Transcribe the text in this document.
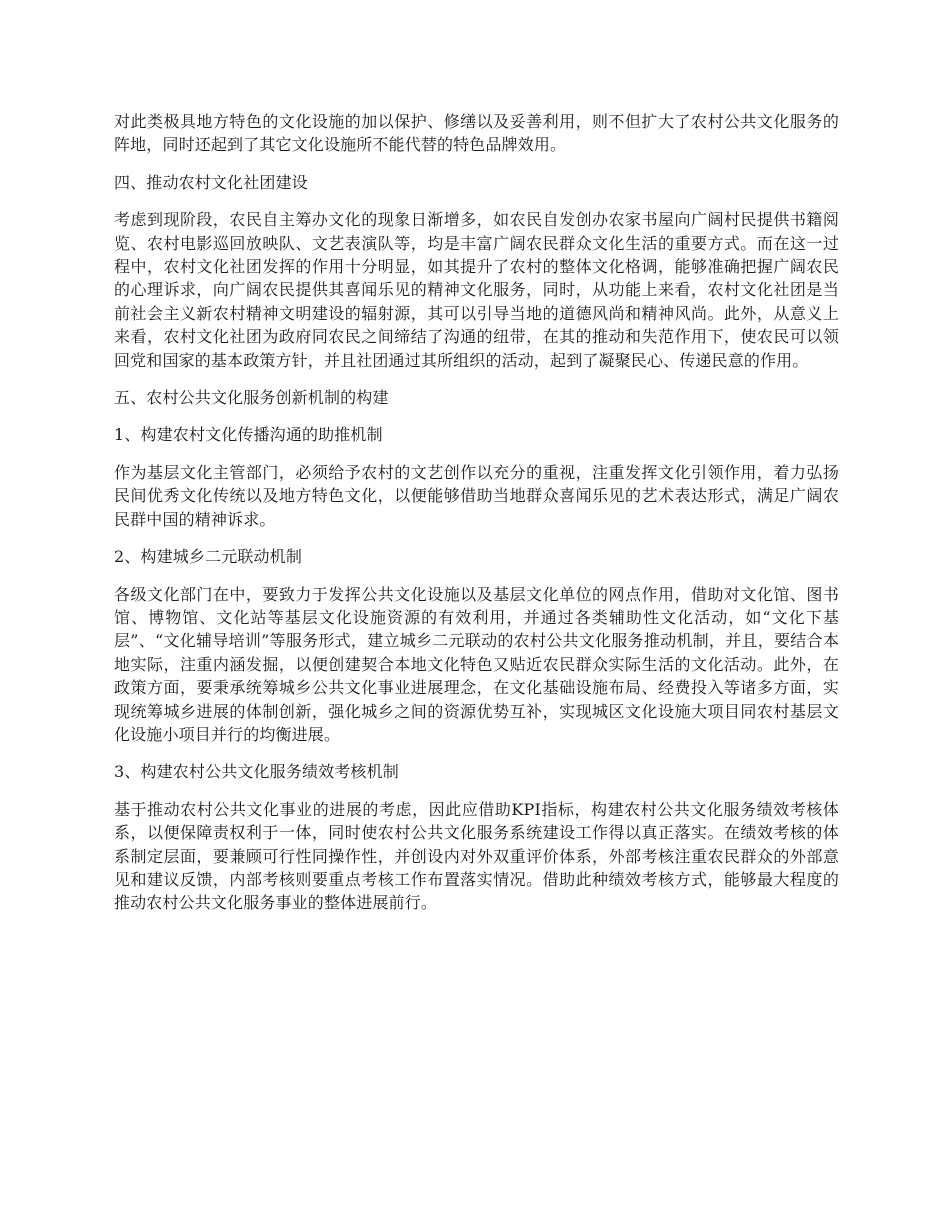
对此类极具地方特色的文化设施的加以保护、修缮以及妥善利用，则不但扩大了农村公共文化服务的阵地，同时还起到了其它文化设施所不能代替的特色品牌效用。

四、推动农村文化社团建设

考虑到现阶段，农民自主筹办文化的现象日渐增多，如农民自发创办农家书屋向广阔村民提供书籍阅览、农村电影巡回放映队、文艺表演队等，均是丰富广阔农民群众文化生活的重要方式。而在这一过程中，农村文化社团发挥的作用十分明显，如其提升了农村的整体文化格调，能够准确把握广阔农民的心理诉求，向广阔农民提供其喜闻乐见的精神文化服务，同时，从功能上来看，农村文化社团是当前社会主义新农村精神文明建设的辐射源，其可以引导当地的道德风尚和精神风尚。此外，从意义上来看，农村文化社团为政府同农民之间缔结了沟通的纽带，在其的推动和失范作用下，使农民可以领回党和国家的基本政策方针，并且社团通过其所组织的活动，起到了凝聚民心、传递民意的作用。

五、农村公共文化服务创新机制的构建

1、构建农村文化传播沟通的助推机制

作为基层文化主管部门，必须给予农村的文艺创作以充分的重视，注重发挥文化引领作用，着力弘扬民间优秀文化传统以及地方特色文化，以便能够借助当地群众喜闻乐见的艺术表达形式，满足广阔农民群中国的精神诉求。

2、构建城乡二元联动机制

各级文化部门在中，要致力于发挥公共文化设施以及基层文化单位的网点作用，借助对文化馆、图书馆、博物馆、文化站等基层文化设施资源的有效利用，并通过各类辅助性文化活动，如“文化下基层”、“文化辅导培训”等服务形式，建立城乡二元联动的农村公共文化服务推动机制，并且，要结合本地实际，注重内涵发掘，以便创建契合本地文化特色又贴近农民群众实际生活的文化活动。此外，在政策方面，要秉承统筹城乡公共文化事业进展理念，在文化基础设施布局、经费投入等诸多方面，实现统筹城乡进展的体制创新，强化城乡之间的资源优势互补，实现城区文化设施大项目同农村基层文化设施小项目并行的均衡进展。

3、构建农村公共文化服务绩效考核机制

基于推动农村公共文化事业的进展的考虑，因此应借助KPI指标，构建农村公共文化服务绩效考核体系，以便保障责权利于一体，同时使农村公共文化服务系统建设工作得以真正落实。在绩效考核的体系制定层面，要兼顾可行性同操作性，并创设内对外双重评价体系，外部考核注重农民群众的外部意见和建议反馈，内部考核则要重点考核工作布置落实情况。借助此种绩效考核方式，能够最大程度的推动农村公共文化服务事业的整体进展前行。
